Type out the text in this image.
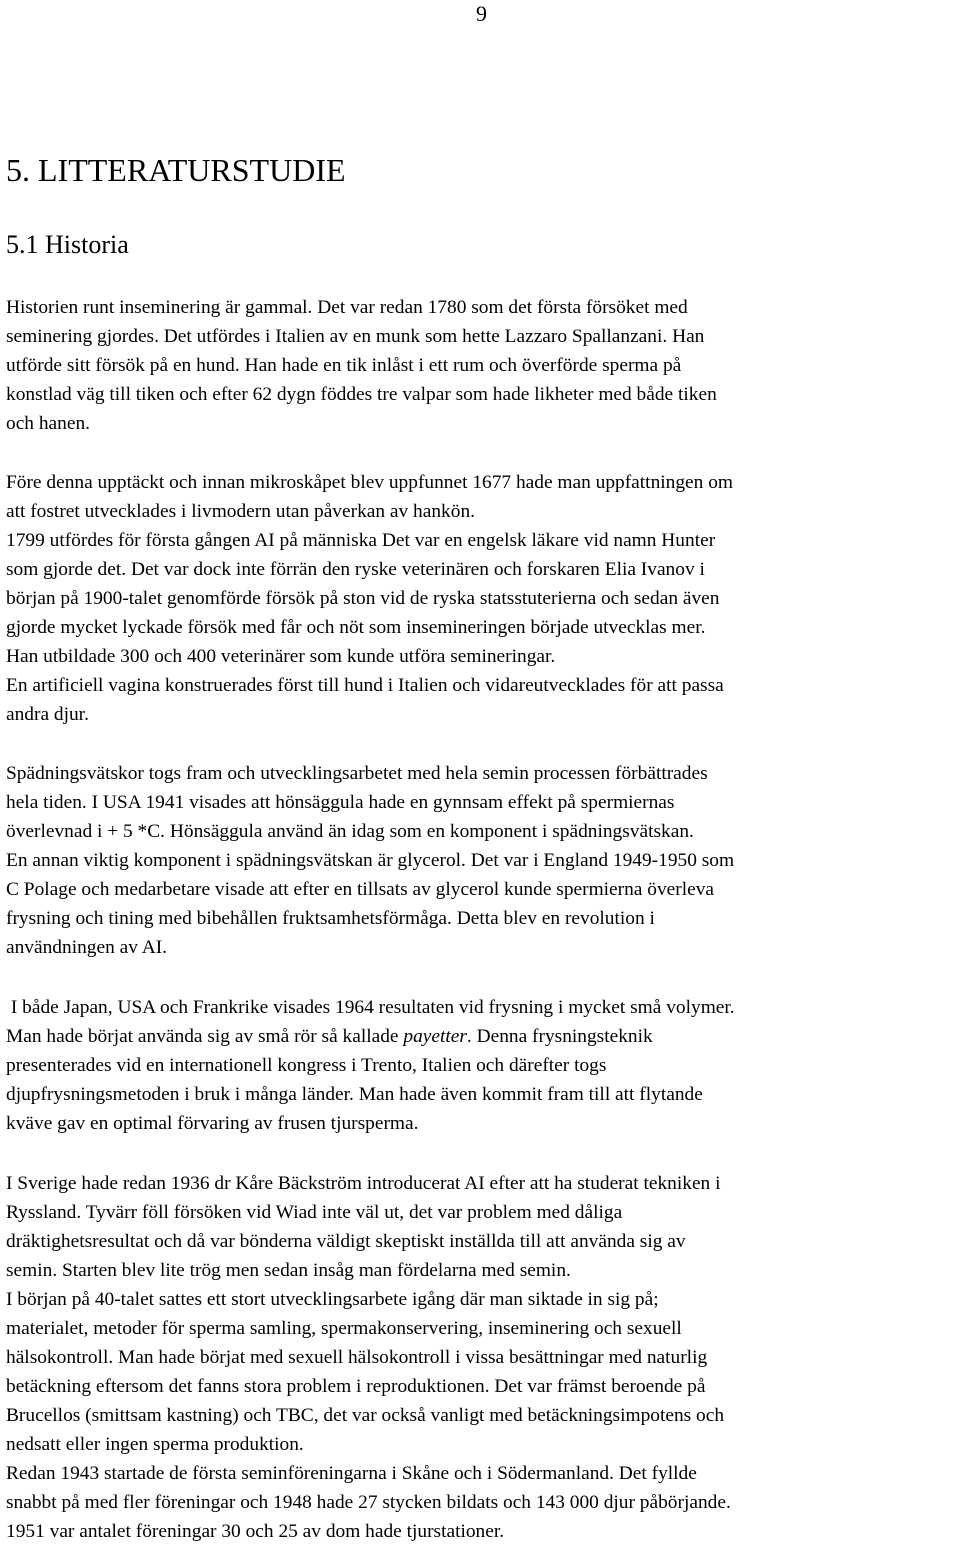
9
5. LITTERATURSTUDIE
5.1 Historia
Historien runt inseminering är gammal. Det var redan 1780 som det första försöket med
seminering gjordes. Det utfördes i Italien av en munk som hette Lazzaro Spallanzani. Han
utförde sitt försök på en hund. Han hade en tik inlåst i ett rum och överförde sperma på
konstlad väg till tiken och efter 62 dygn föddes tre valpar som hade likheter med både tiken
och hanen.
Före denna upptäckt och innan mikroskåpet blev uppfunnet 1677 hade man uppfattningen om
att fostret utvecklades i livmodern utan påverkan av hankön.
1799 utfördes för första gången AI på människa Det var en engelsk läkare vid namn Hunter
som gjorde det. Det var dock inte förrän den ryske veterinären och forskaren Elia Ivanov i
början på 1900-talet genomförde försök på ston vid de ryska statsstuterierna och sedan även
gjorde mycket lyckade försök med får och nöt som insemineringen började utvecklas mer.
Han utbildade 300 och 400 veterinärer som kunde utföra semineringar.
En artificiell vagina konstruerades först till hund i Italien och vidareutvecklades för att passa
andra djur.
Spädningsvätskor togs fram och utvecklingsarbetet med hela semin processen förbättrades
hela tiden. I USA 1941 visades att hönsäggula hade en gynnsam effekt på spermiernas
överlevnad i + 5 *C. Hönsäggula använd än idag som en komponent i spädningsvätskan.
En annan viktig komponent i spädningsvätskan är glycerol. Det var i England 1949-1950 som
C Polage och medarbetare visade att efter en tillsats av glycerol kunde spermierna överleva
frysning och tining med bibehållen fruktsamhetsförmåga. Detta blev en revolution i
användningen av AI.
I både Japan, USA och Frankrike visades 1964 resultaten vid frysning i mycket små volymer.
Man hade börjat använda sig av små rör så kallade payetter. Denna frysningsteknik
presenterades vid en internationell kongress i Trento, Italien och därefter togs
djupfrysningsmetoden i bruk i många länder. Man hade även kommit fram till att flytande
kväve gav en optimal förvaring av frusen tjursperma.
I Sverige hade redan 1936 dr Kåre Bäckström introducerat AI efter att ha studerat tekniken i
Ryssland. Tyvärr föll försöken vid Wiad inte väl ut, det var problem med dåliga
dräktighetsresultat och då var bönderna väldigt skeptiskt inställda till att använda sig av
semin. Starten blev lite trög men sedan insåg man fördelarna med semin.
I början på 40-talet sattes ett stort utvecklingsarbete igång där man siktade in sig på;
materialet, metoder för sperma samling, spermakonservering, inseminering och sexuell
hälsokontroll. Man hade börjat med sexuell hälsokontroll i vissa besättningar med naturlig
betäckning eftersom det fanns stora problem i reproduktionen. Det var främst beroende på
Brucellos (smittsam kastning) och TBC, det var också vanligt med betäckningsimpotens och
nedsatt eller ingen sperma produktion.
Redan 1943 startade de första seminföreningarna i Skåne och i Södermanland. Det fyllde
snabbt på med fler föreningar och 1948 hade 27 stycken bildats och 143 000 djur påbörjande.
1951 var antalet föreningar 30 och 25 av dom hade tjurstationer.
